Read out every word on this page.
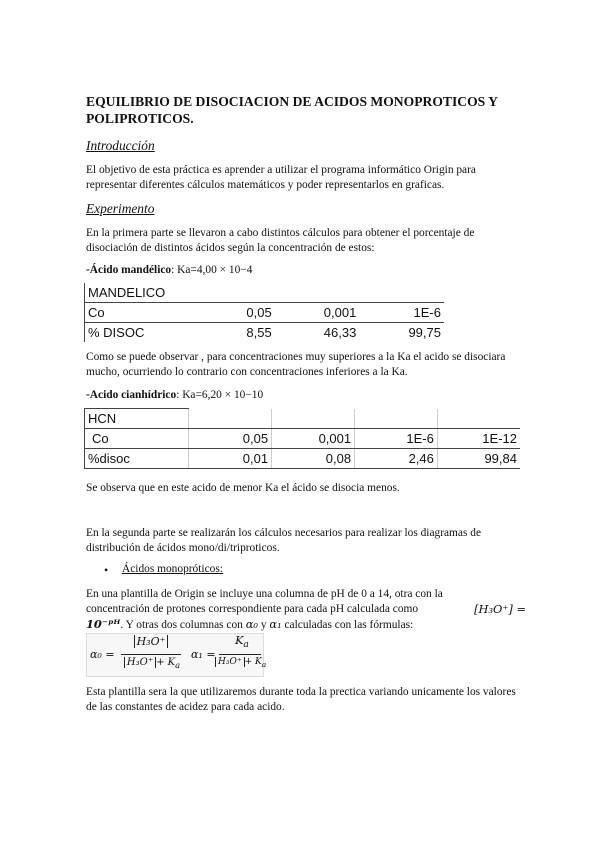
EQUILIBRIO DE DISOCIACION DE ACIDOS MONOPROTICOS Y POLIPROTICOS.
Introducción
El objetivo de esta práctica es aprender a utilizar el programa informático Origin para representar diferentes cálculos matemáticos y poder representarlos en graficas.
Experimento
En la primera parte se llevaron a cabo distintos cálculos para obtener el porcentaje de disociación de distintos ácidos según la concentración de estos:
-Ácido mandélico: Ka=4,00 × 10−4
MANDELICO			
Co	0,05	0,001	1E-6
% DISOC	8,55	46,33	99,75
Como se puede observar , para concentraciones muy superiores a la Ka el acido se disociara mucho, ocurriendo lo contrario con concentraciones inferiores a la Ka.
-Acido cianhídrico: Ka=6,20 × 10−10
HCN				
Co	0,05	0,001	1E-6	1E-12
%disoc	0,01	0,08	2,46	99,84
Se observa que en este acido de menor Ka el ácido se disocia menos.
En la segunda parte se realizarán los cálculos necesarios para realizar los diagramas de distribución de ácidos mono/di/triproticos.
• Ácidos monopróticos:
En una plantilla de Origin se incluye una columna de pH de 0 a 14, otra con la
concentración de protones correspondiente para cada pH calculada como	[H₃O⁺] =
10⁻ᵖᴴ. Y otras dos columnas con α₀ y α₁ calculadas con las fórmulas:
α₀ =
H₃O⁺
$H_3O^+ + K_a$
α₁ =
$K_a$
$H_3O^+ + K_a$
Esta plantilla sera la que utilizaremos durante toda la prectica variando unicamente los valores de las constantes de acidez para cada acido.
